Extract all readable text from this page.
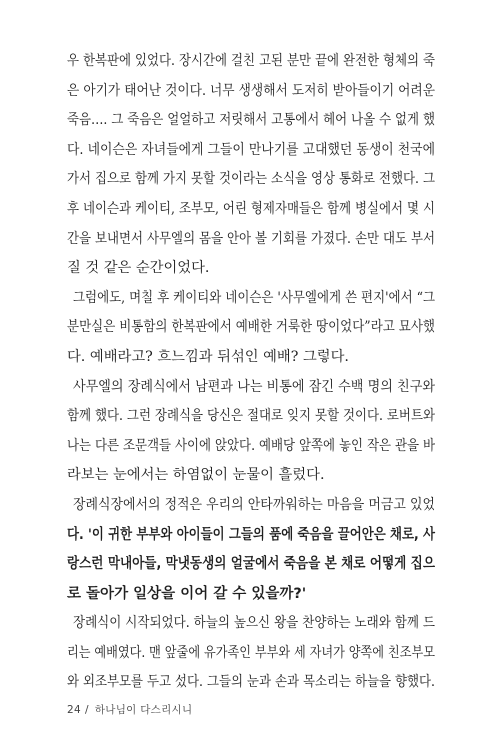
우 한복판에 있었다. 장시간에 걸친 고된 분만 끝에 완전한 형체의 죽
은 아기가 태어난 것이다. 너무 생생해서 도저히 받아들이기 어려운
죽음…. 그 죽음은 얼얼하고 저릿해서 고통에서 헤어 나올 수 없게 했
다. 네이슨은 자녀들에게 그들이 만나기를 고대했던 동생이 천국에
가서 집으로 함께 가지 못할 것이라는 소식을 영상 통화로 전했다. 그
후 네이슨과 케이티, 조부모, 어린 형제자매들은 함께 병실에서 몇 시
간을 보내면서 사무엘의 몸을 안아 볼 기회를 가졌다. 손만 대도 부서
질 것 같은 순간이었다.
그럼에도, 며칠 후 케이티와 네이슨은 '사무엘에게 쓴 편지'에서 “그
분만실은 비통함의 한복판에서 예배한 거룩한 땅이었다”라고 묘사했
다. 예배라고? 흐느낌과 뒤섞인 예배? 그렇다.
사무엘의 장례식에서 남편과 나는 비통에 잠긴 수백 명의 친구와
함께 했다. 그런 장례식을 당신은 절대로 잊지 못할 것이다. 로버트와
나는 다른 조문객들 사이에 앉았다. 예배당 앞쪽에 놓인 작은 관을 바
라보는 눈에서는 하염없이 눈물이 흘렀다.
장례식장에서의 정적은 우리의 안타까워하는 마음을 머금고 있었
다. '이 귀한 부부와 아이들이 그들의 품에 죽음을 끌어안은 채로, 사
랑스런 막내아들, 막냇동생의 얼굴에서 죽음을 본 채로 어떻게 집으
로 돌아가 일상을 이어 갈 수 있을까?'
장례식이 시작되었다. 하늘의 높으신 왕을 찬양하는 노래와 함께 드
리는 예배였다. 맨 앞줄에 유가족인 부부와 세 자녀가 양쪽에 친조부모
와 외조부모를 두고 섰다. 그들의 눈과 손과 목소리는 하늘을 향했다.
24 / 하나님이 다스리시니
